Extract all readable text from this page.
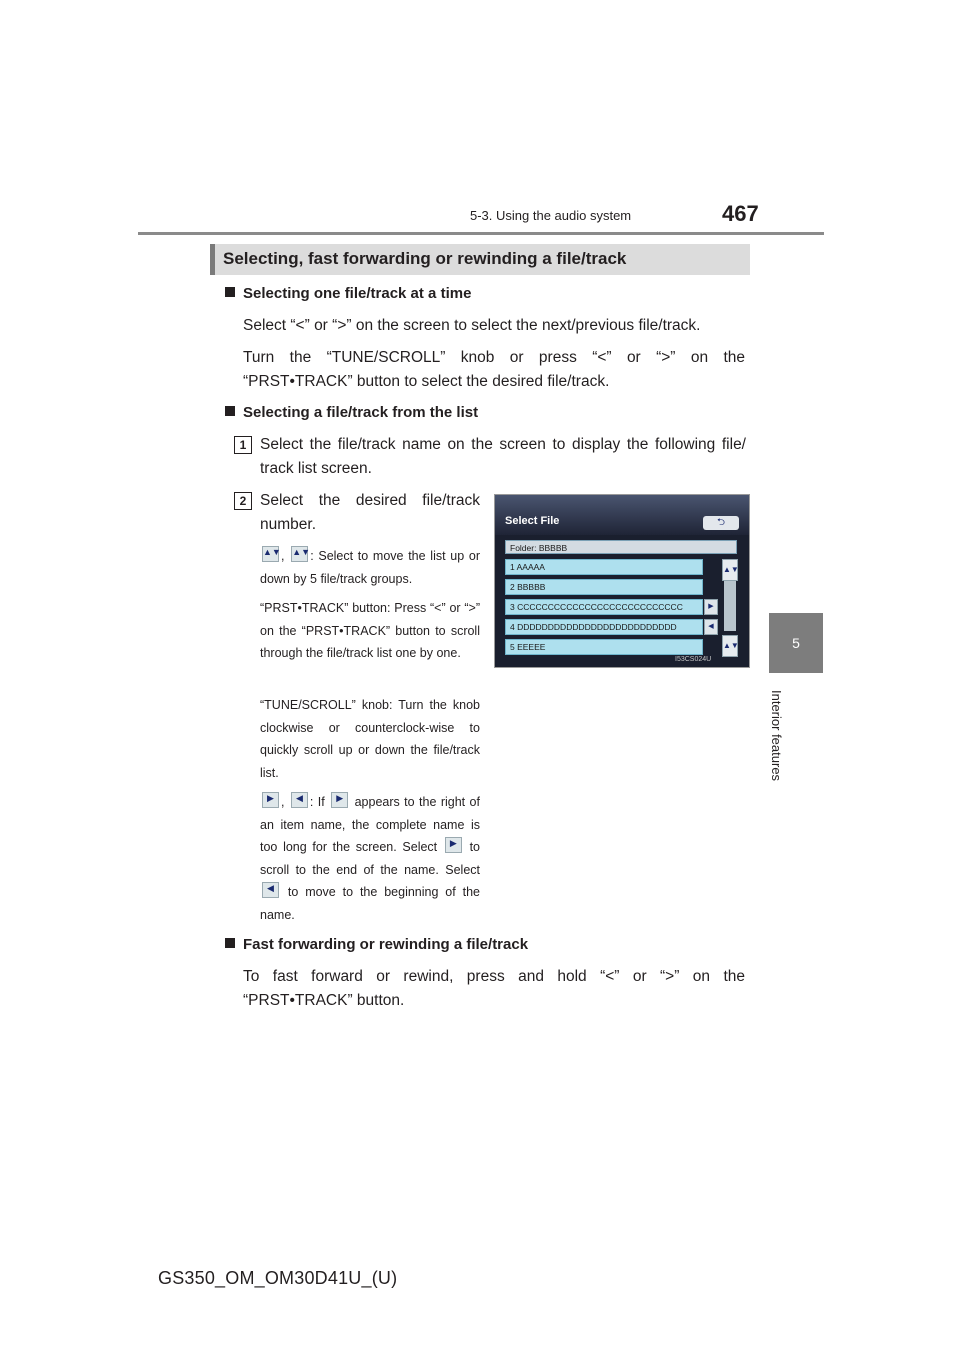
5-3. Using the audio system	467
5
Interior features
Selecting, fast forwarding or rewinding a file/track
Selecting one file/track at a time
Select “<” or “>” on the screen to select the next/previous file/track.
Turn the “TUNE/SCROLL” knob or press “<” or “>” on the
“PRST•TRACK” button to select the desired file/track.
Selecting a file/track from the list
1 Select the file/track name on the screen to display the following file/
track list screen.
2 Select the desired file/track
number.
▲▼ , ▲▼ : Select to move the list up or down by 5 file/track groups.
“PRST•TRACK” button: Press “<” or “>” on the “PRST•TRACK” button to scroll through the file/track list one by one.
“TUNE/SCROLL” knob: Turn the knob clockwise or counterclock-wise to quickly scroll up or down the file/track list.
▶ , ◀ : If	▶ appears to the right of an item name, the complete name is too long for the screen. Select	▶	to scroll to the end of the name. Select
◀	to move to the beginning of the name.
Select File	⮌
Folder: BBBBB
1 AAAAA
2 BBBBB
3 CCCCCCCCCCCCCCCCCCCCCCCCCCC
4 DDDDDDDDDDDDDDDDDDDDDDDDDD
5 EEEEE
▶
◀
▲▼
▲▼
I53CS024U
Fast forwarding or rewinding a file/track
To fast forward or rewind, press and hold “<” or “>” on the
“PRST•TRACK” button.
GS350_OM_OM30D41U_(U)
